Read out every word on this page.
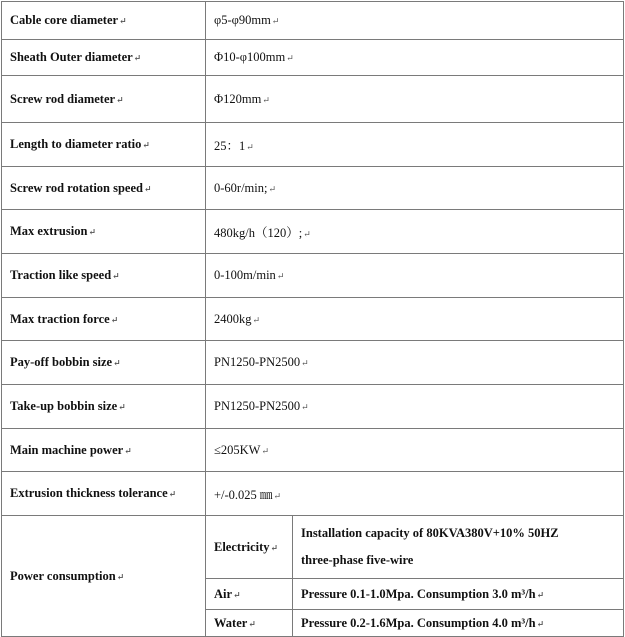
Cable core diameter↵	φ5-φ90mm↵	
Sheath Outer diameter↵	Φ10-φ100mm↵	
Screw rod diameter↵	Φ120mm↵	
Length to diameter ratio↵	25：1↵	
Screw rod rotation speed↵	0-60r/min;↵	
Max extrusion↵	480kg/h（120）;↵	
Traction like speed↵	0-100m/min↵	
Max traction force↵	2400kg↵	
Pay-off bobbin size↵	PN1250-PN2500↵	
Take-up bobbin size↵	PN1250-PN2500↵	
Main machine power↵	≤205KW↵	
Extrusion thickness tolerance↵	+/-0.025 ㎜↵	
Power consumption↵	Electricity↵	Installation capacity of 80KVA380V+10% 50HZ
three-phase five-wire

	Air↵	Pressure 0.1-1.0Mpa. Consumption 3.0 m³/h↵
	Water↵	Pressure 0.2-1.6Mpa. Consumption 4.0 m³/h↵
